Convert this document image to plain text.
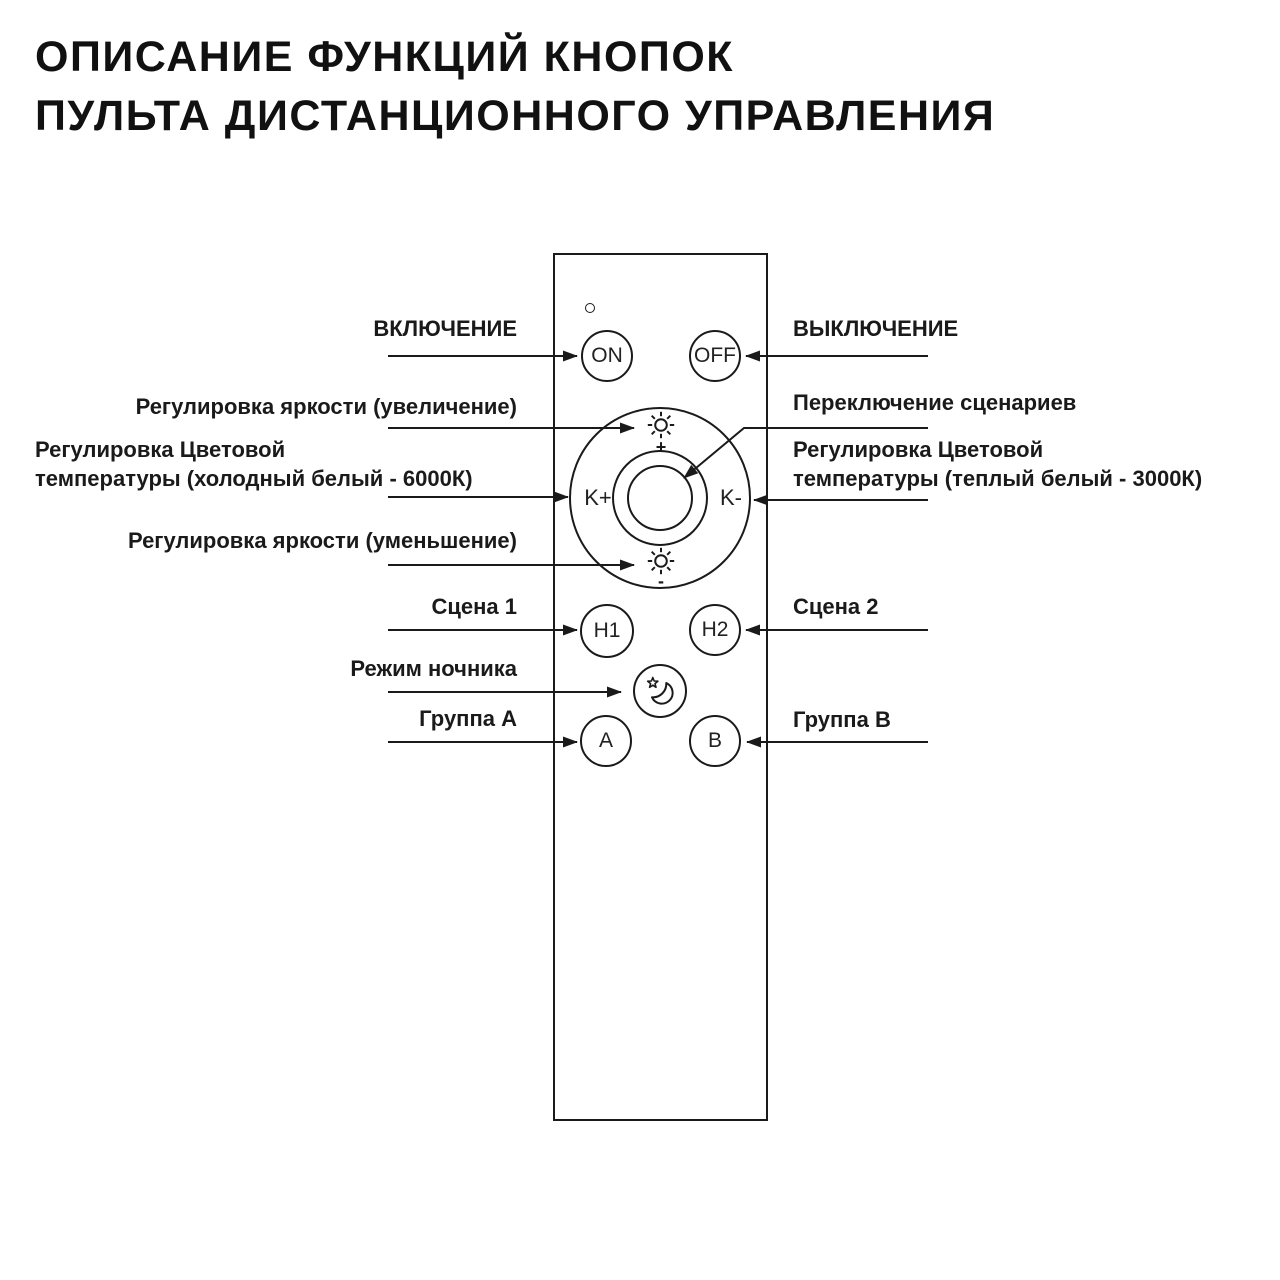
ОПИСАНИЕ ФУНКЦИЙ КНОПОК
ПУЛЬТА ДИСТАНЦИОННОГО УПРАВЛЕНИЯ
ON	OFF
+
-
K+	K-
H1	H2
A	B
ВКЛЮЧЕНИЕ
Регулировка яркости (увеличение)
Регулировка Цветовой
температуры (холодный белый - 6000К)
Регулировка яркости (уменьшение)
Сцена 1
Режим ночника
Группа А
ВЫКЛЮЧЕНИЕ
Переключение сценариев
Регулировка Цветовой
температуры (теплый белый - 3000К)
Сцена 2
Группа В
